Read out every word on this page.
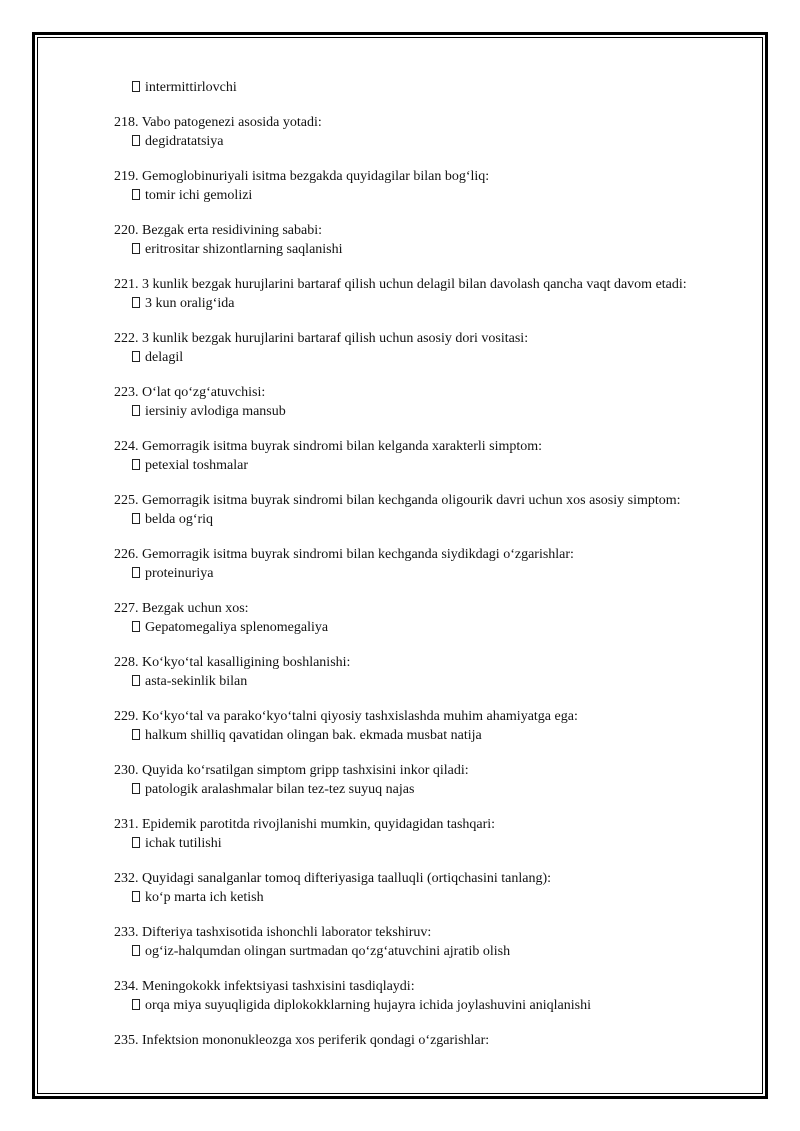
intermittirlovchi
218. Vabo patogenezi asosida yotadi:
degidratatsiya
219. Gemoglobinuriyali isitma bezgakda quyidagilar bilan bog‘liq:
tomir ichi gemolizi
220. Bezgak erta residivining sababi:
eritrositar shizontlarning saqlanishi
221. 3 kunlik bezgak hurujlarini bartaraf qilish uchun delagil bilan davolash qancha vaqt davom etadi:
3 kun oralig‘ida
222. 3 kunlik bezgak hurujlarini bartaraf qilish uchun asosiy dori vositasi:
delagil
223. O‘lat qo‘zg‘atuvchisi:
iersiniy avlodiga mansub
224. Gemorragik isitma buyrak sindromi bilan kelganda xarakterli simptom:
petexial toshmalar
225. Gemorragik isitma buyrak sindromi bilan kechganda oligourik davri uchun xos asosiy simptom:
belda og‘riq
226. Gemorragik isitma buyrak sindromi bilan kechganda siydikdagi o‘zgarishlar:
proteinuriya
227. Bezgak uchun xos:
Gepatomegaliya splenomegaliya
228. Ko‘kyo‘tal kasalligining boshlanishi:
asta-sekinlik bilan
229. Ko‘kyo‘tal va parako‘kyo‘talni qiyosiy tashxislashda muhim ahamiyatga ega:
halkum shilliq qavatidan olingan bak. ekmada musbat natija
230. Quyida ko‘rsatilgan simptom gripp tashxisini inkor qiladi:
patologik aralashmalar bilan tez-tez suyuq najas
231. Epidemik parotitda rivojlanishi mumkin, quyidagidan tashqari:
ichak tutilishi
232. Quyidagi sanalganlar tomoq difteriyasiga taalluqli (ortiqchasini tanlang):
ko‘p marta ich ketish
233. Difteriya tashxisotida ishonchli laborator tekshiruv:
og‘iz-halqumdan olingan surtmadan qo‘zg‘atuvchini ajratib olish
234. Meningokokk infektsiyasi tashxisini tasdiqlaydi:
orqa miya suyuqligida diplokokklarning hujayra ichida joylashuvini aniqlanishi
235. Infektsion mononukleozga xos periferik qondagi o‘zgarishlar:
